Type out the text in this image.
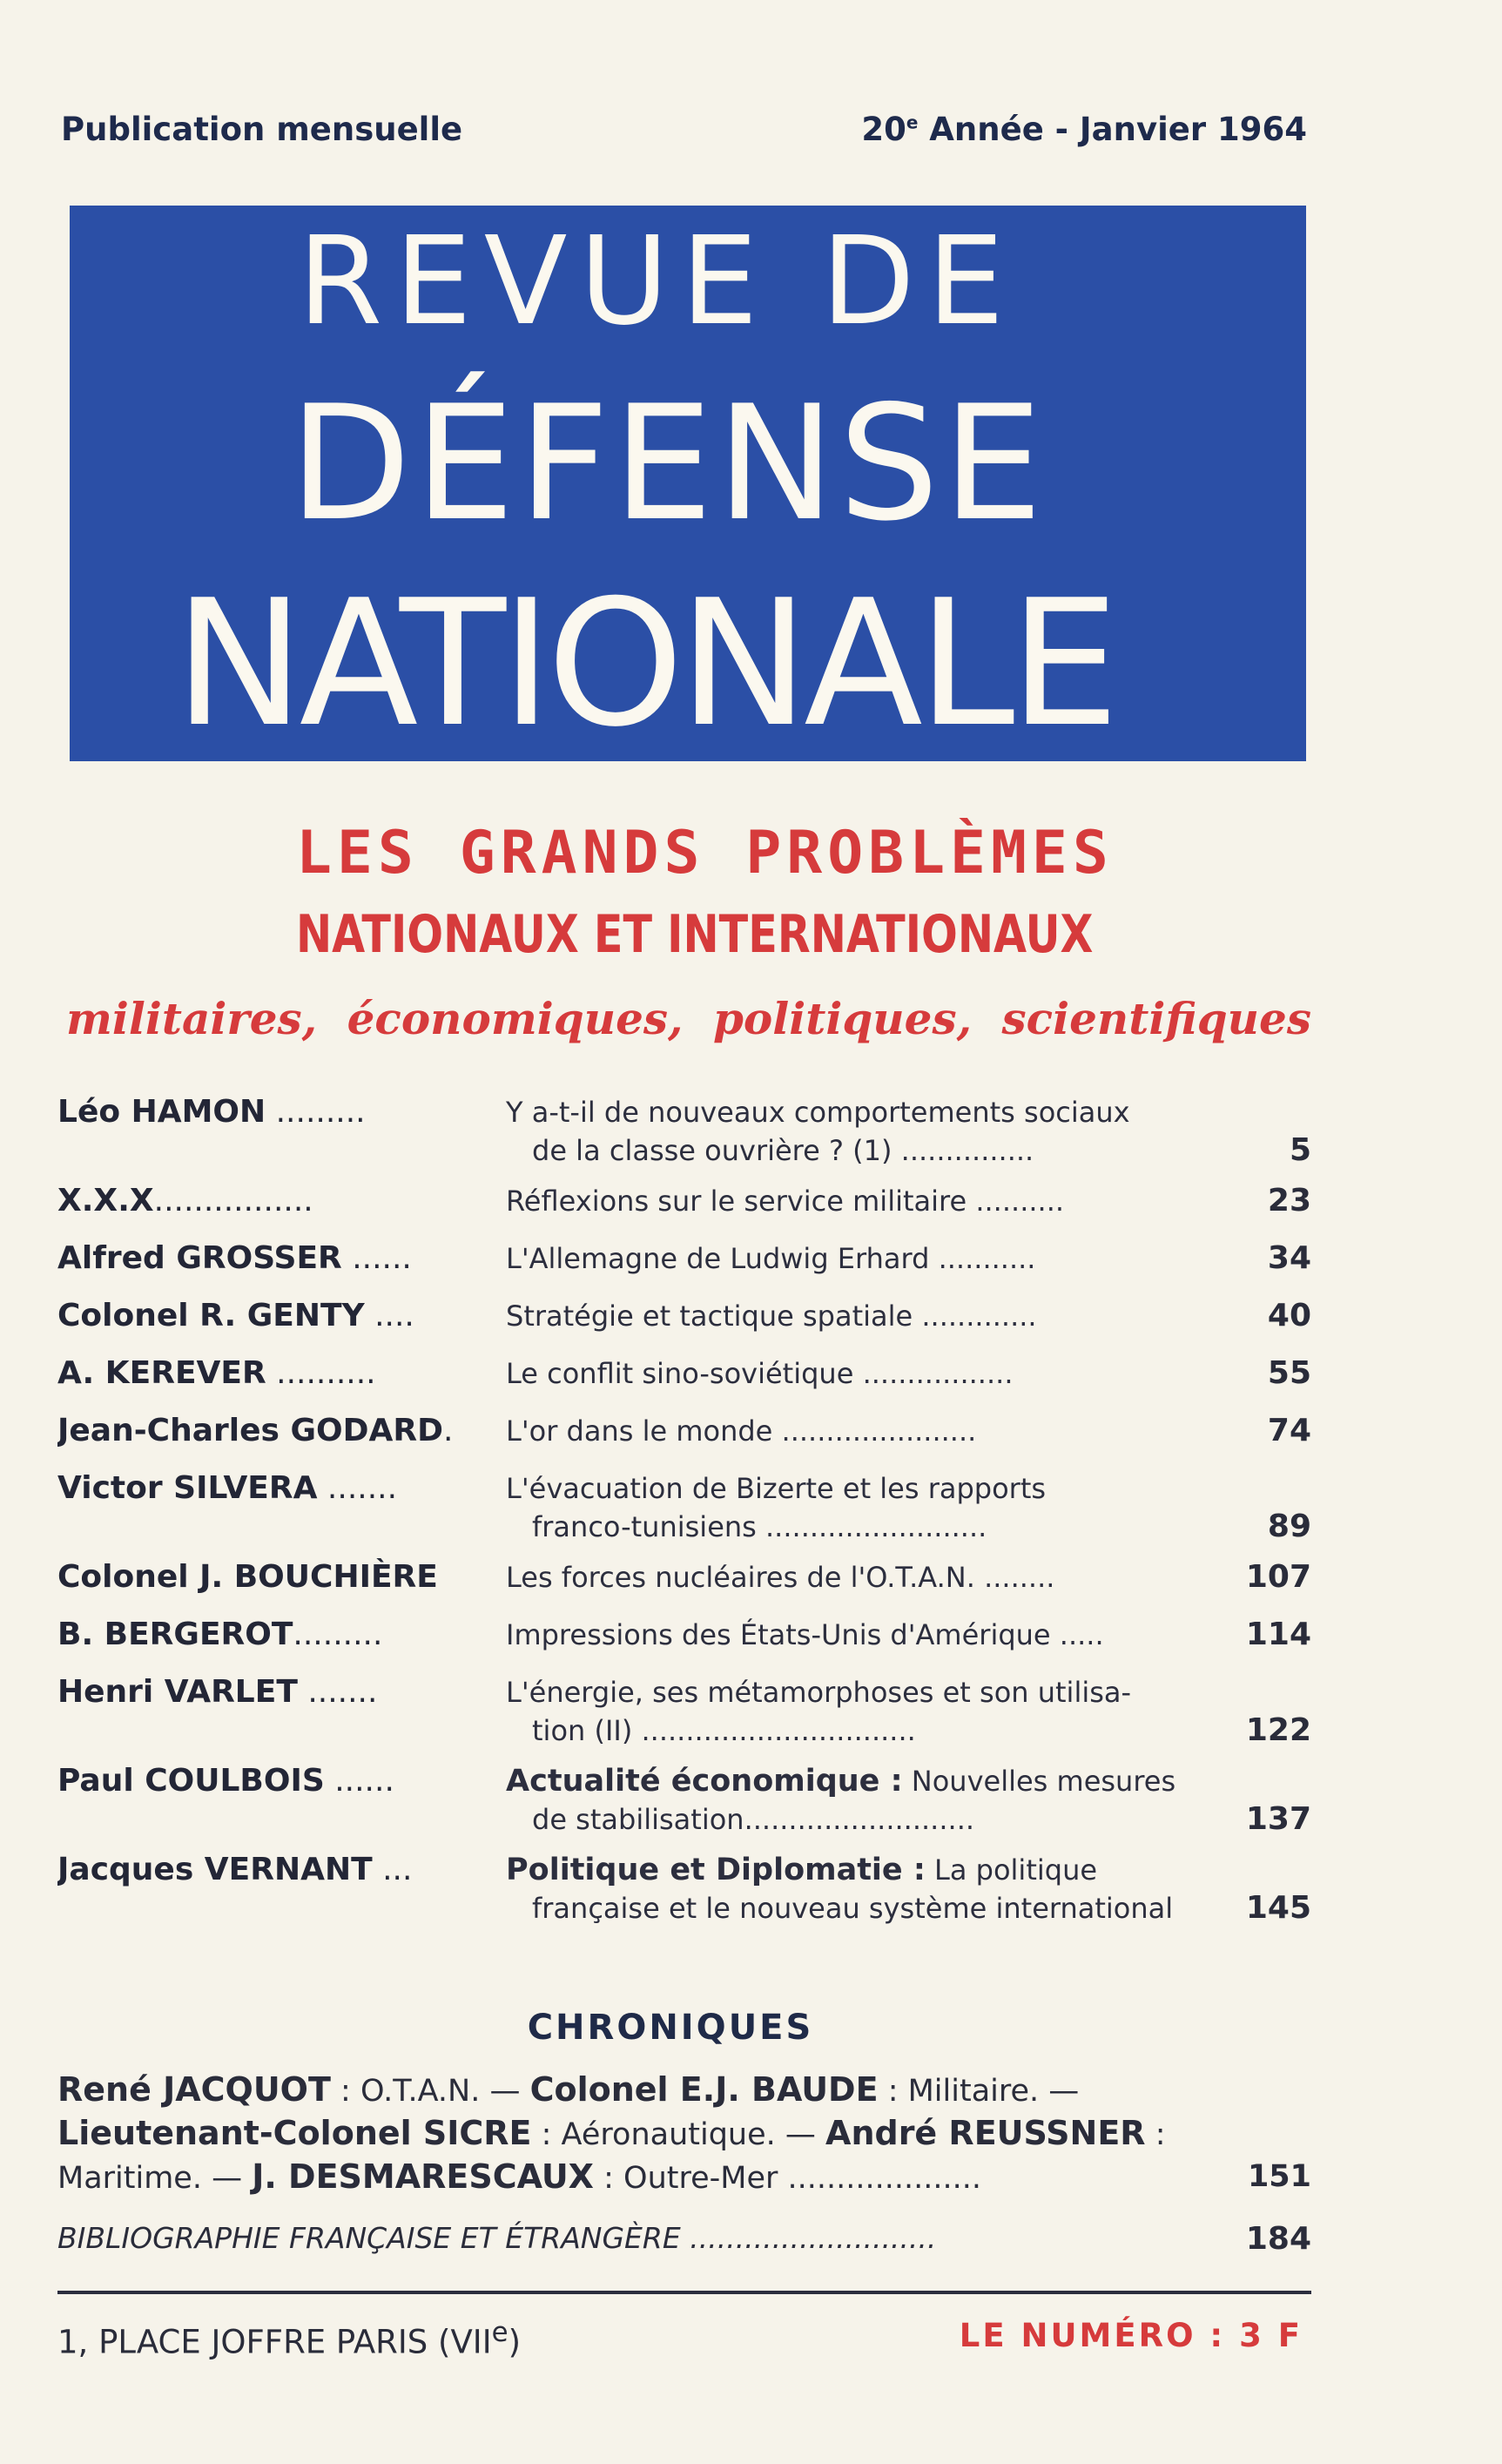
Publication mensuelle	20e Année - Janvier 1964
REVUE DE
DÉFENSE
NATIONALE
LES GRANDS PROBLÈMES
NATIONAUX ET INTERNATIONAUX
militaires, économiques, politiques, scientifiques
Léo HAMON .........	Y a-t-il de nouveaux comportements sociaux
de la classe ouvrière ? (1) ...............	5
X.X.X................	Réflexions sur le service militaire ..........	23
Alfred GROSSER ......	L'Allemagne de Ludwig Erhard ...........	34
Colonel R. GENTY ....	Stratégie et tactique spatiale .............	40
A. KEREVER ..........	Le conflit sino-soviétique .................	55
Jean-Charles GODARD.	L'or dans le monde ......................	74
Victor SILVERA .......	L'évacuation de Bizerte et les rapports
franco-tunisiens .........................	89
Colonel J. BOUCHIÈRE	Les forces nucléaires de l'O.T.A.N. ........	107
B. BERGEROT.........	Impressions des États-Unis d'Amérique .....	114
Henri VARLET .......	L'énergie, ses métamorphoses et son utilisa-
tion (II) ...............................	122
Paul COULBOIS ......	Actualité économique : Nouvelles mesures
de stabilisation..........................	137
Jacques VERNANT ...	Politique et Diplomatie : La politique
française et le nouveau système international	145
CHRONIQUES
René JACQUOT : O.T.A.N. — Colonel E.J. BAUDE : Militaire. —
Lieutenant-Colonel SICRE : Aéronautique. — André REUSSNER :
Maritime. — J. DESMARESCAUX : Outre-Mer ....................	151
BIBLIOGRAPHIE FRANÇAISE ET ÉTRANGÈRE ...........................	184
1, PLACE JOFFRE PARIS (VIIe)	LE NUMÉRO : 3 F
